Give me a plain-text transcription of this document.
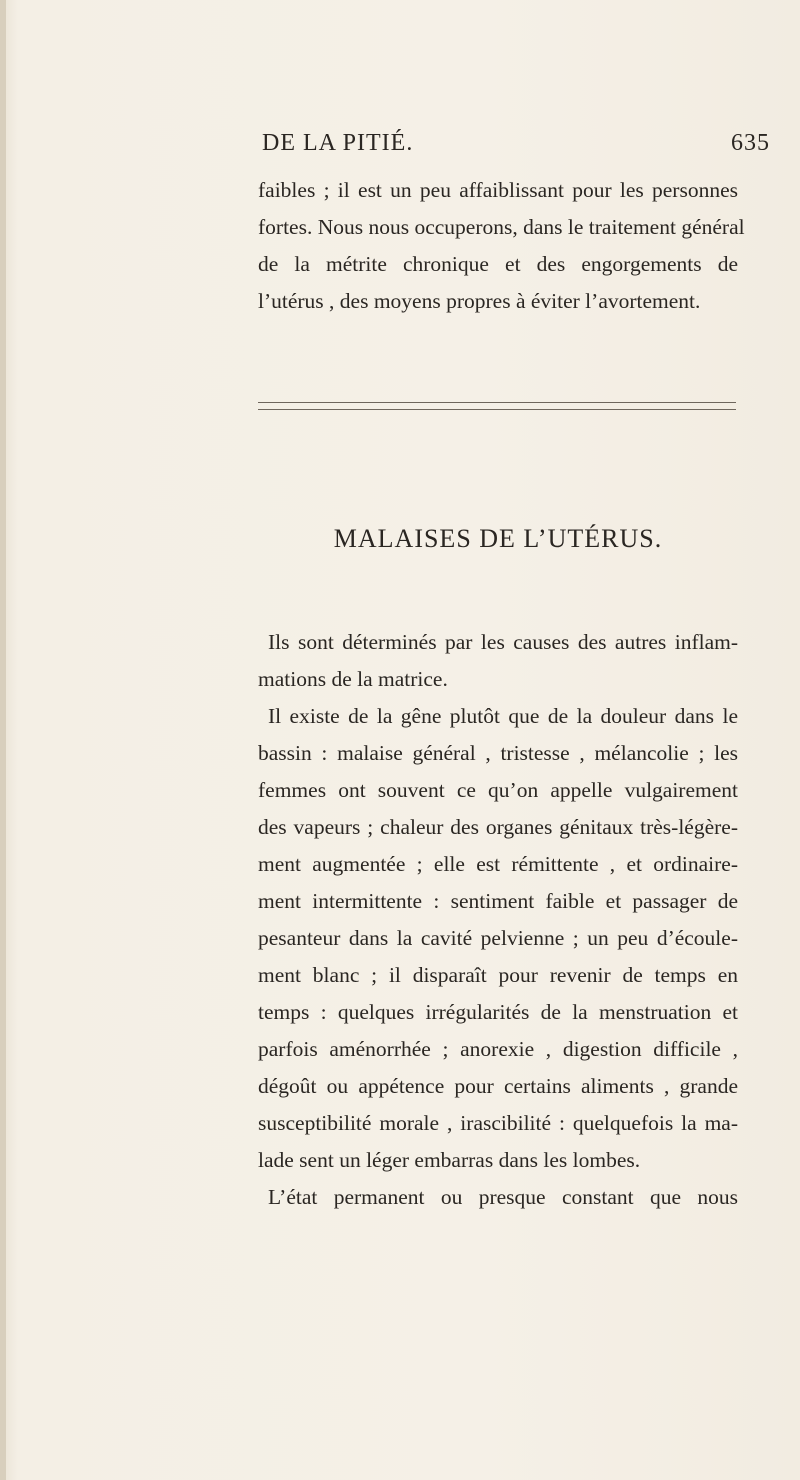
DE LA PITIÉ.	635

faibles ; il est un peu affaiblissant pour les personnes
fortes. Nous nous occuperons, dans le traitement général
de la métrite chronique et des engorgements de
l’utérus , des moyens propres à éviter l’avortement.

MALAISES DE L’UTÉRUS.

Ils sont déterminés par les causes des autres inflam-
mations de la matrice.

Il existe de la gêne plutôt que de la douleur dans le
bassin : malaise général , tristesse , mélancolie ; les
femmes ont souvent ce qu’on appelle vulgairement
des vapeurs ; chaleur des organes génitaux très-légère-
ment augmentée ; elle est rémittente , et ordinaire-
ment intermittente : sentiment faible et passager de
pesanteur dans la cavité pelvienne ; un peu d’écoule-
ment blanc ; il disparaît pour revenir de temps en
temps : quelques irrégularités de la menstruation et
parfois aménorrhée ; anorexie , digestion difficile ,
dégoût ou appétence pour certains aliments , grande
susceptibilité morale , irascibilité : quelquefois la ma-
lade sent un léger embarras dans les lombes.

L’état permanent ou presque constant que nous
